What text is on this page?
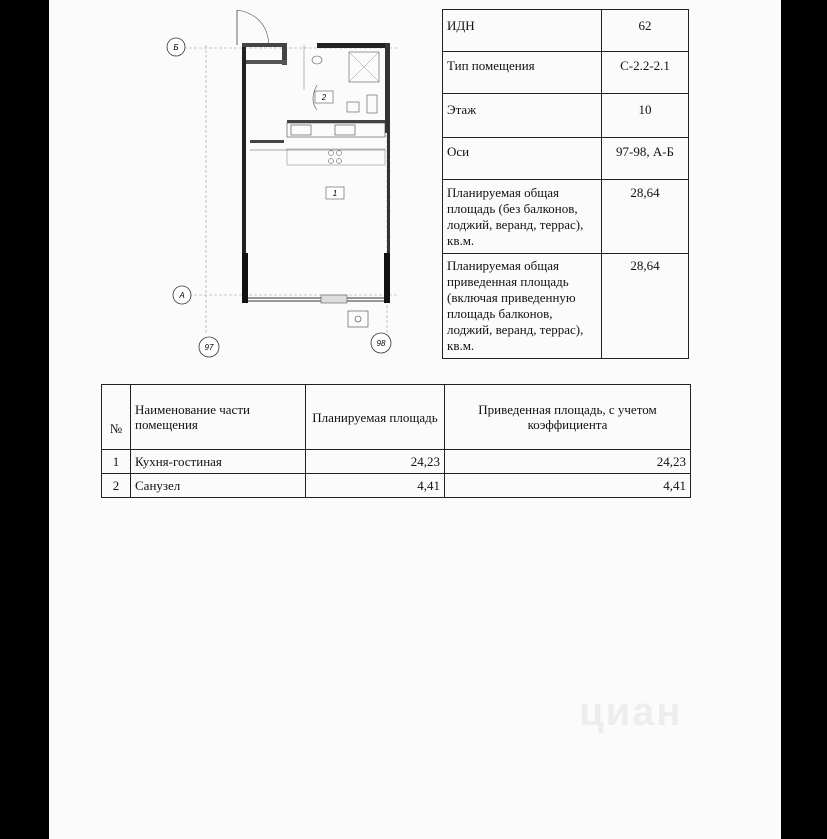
Б
А
97	98
2
1
ИДН	62
Тип помещения	С-2.2-2.1
Этаж	10
Оси	97-98, А-Б
Планируемая общая площадь (без балконов, лоджий, веранд, террас), кв.м.	28,64
Планируемая общая приведенная площадь (включая приведенную площадь балконов, лоджий, веранд, террас), кв.м.	28,64
№	Наименование части помещения	Планируемая площадь	Приведенная площадь, с учетом коэффициента
1	Кухня-гостиная	24,23	24,23
2	Санузел	4,41	4,41
циан
